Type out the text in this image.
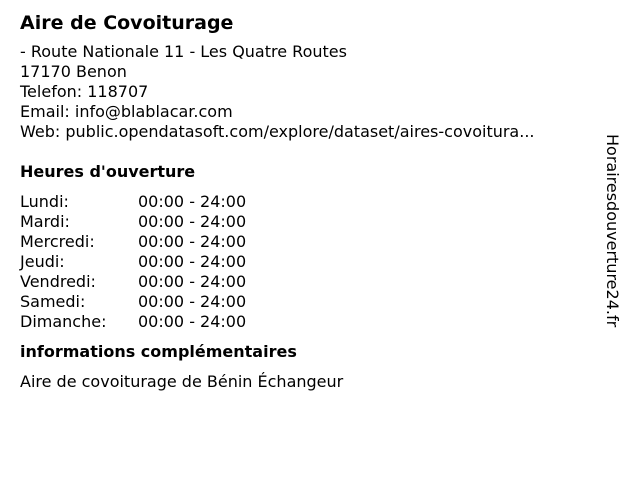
Aire de Covoiturage
- Route Nationale 11 - Les Quatre Routes
17170 Benon
Telefon: 118707
Email: info@blablacar.com
Web: public.opendatasoft.com/explore/dataset/aires-covoitura...
Heures d'ouverture
Lundi:	00:00 - 24:00
Mardi:	00:00 - 24:00
Mercredi:	00:00 - 24:00
Jeudi:	00:00 - 24:00
Vendredi:	00:00 - 24:00
Samedi:	00:00 - 24:00
Dimanche:	00:00 - 24:00
informations complémentaires
Aire de covoiturage de Bénin Échangeur
Horairesdouverture24.fr
